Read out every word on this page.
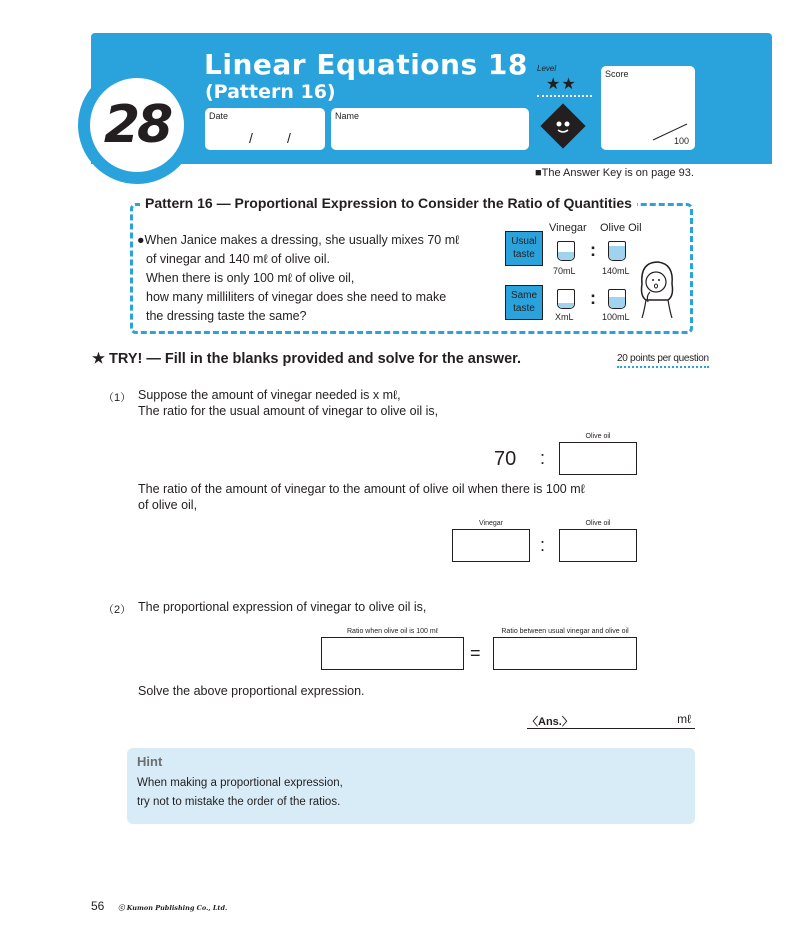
28
Linear Equations 18
(Pattern 16)
Date
/ /
Name
Level
★★
Score
100
■The Answer Key is on page 93.
Pattern 16 — Proportional Expression to Consider the Ratio of Quantities
●When Janice makes a dressing, she usually mixes 70 mℓ
of vinegar and 140 mℓ of olive oil.
When there is only 100 mℓ of olive oil,
how many milliliters of vinegar does she need to make
the dressing taste the same?
Vinegar Olive Oil
Usual taste
Same taste
:
70mL	140mL
:
XmL	100mL
★ TRY! — Fill in the blanks provided and solve for the answer.	20 points per question
（1） Suppose the amount of vinegar needed is x mℓ,
The ratio for the usual amount of vinegar to olive oil is,
Olive oil
70 :
The ratio of the amount of vinegar to the amount of olive oil when there is 100 mℓ
of olive oil,
Vinegar	Olive oil
:
（2） The proportional expression of vinegar to olive oil is,
Ratio when olive oil is 100 mℓ	Ratio between usual vinegar and olive oil
=
Solve the above proportional expression.
〈Ans.〉	mℓ
Hint
When making a proportional expression,
try not to mistake the order of the ratios.
56 ⓒ Kumon Publishing Co., Ltd.
